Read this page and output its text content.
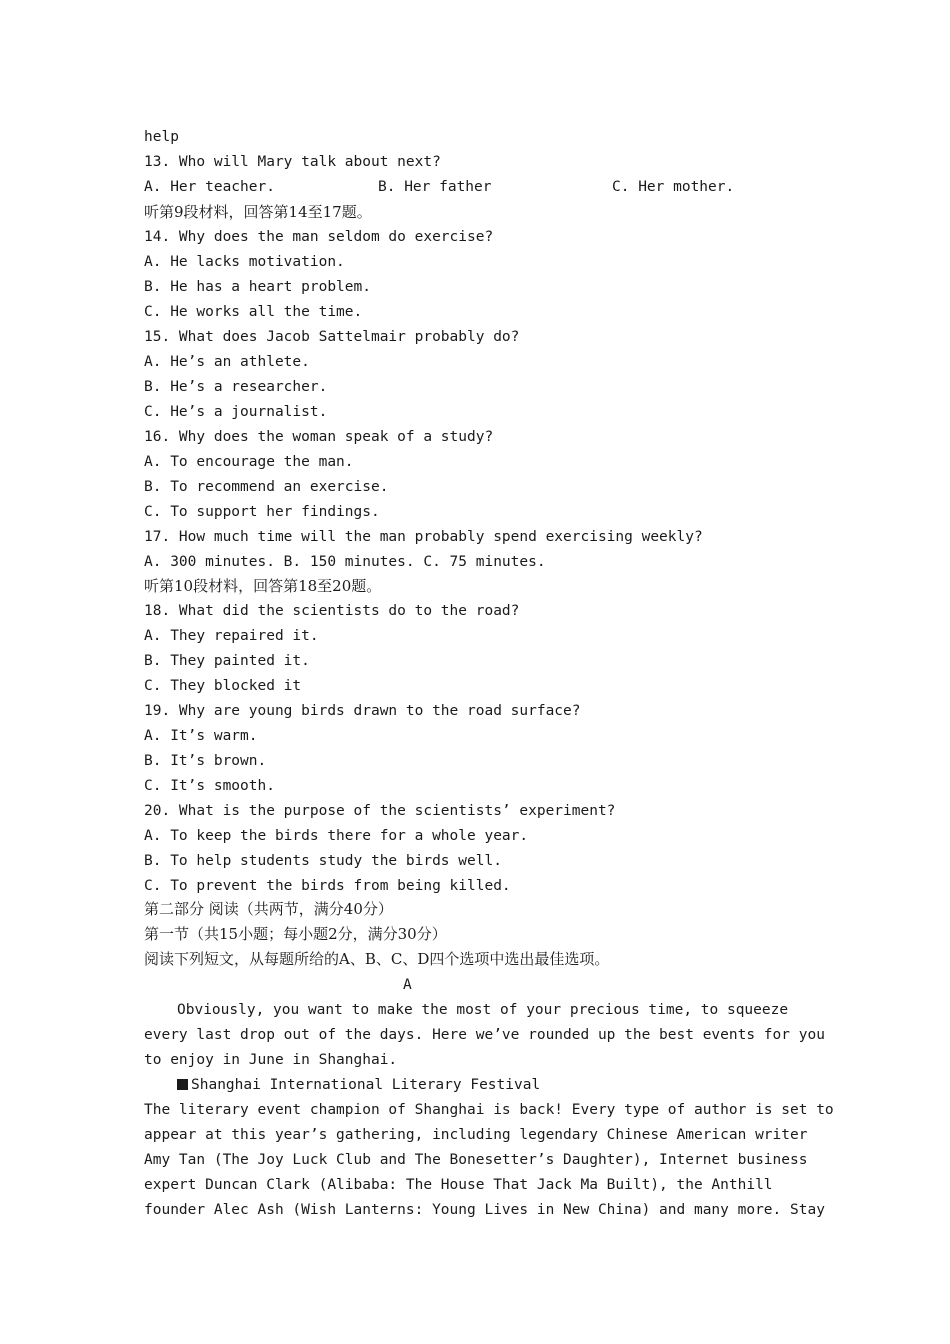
help
13. Who will Mary talk about next?
A. Her teacher.	B. Her father	C. Her mother.
听第9段材料，回答第14至17题。
14. Why does the man seldom do exercise?
A. He lacks motivation.
B. He has a heart problem.
C. He works all the time.
15. What does Jacob Sattelmair probably do?
A. He’s an athlete.
B. He’s a researcher.
C. He’s a journalist.
16. Why does the woman speak of a study?
A. To encourage the man.
B. To recommend an exercise.
C. To support her findings.
17. How much time will the man probably spend exercising weekly?
A. 300 minutes. B. 150 minutes. C. 75 minutes.
听第10段材料，回答第18至20题。
18. What did the scientists do to the road?
A. They repaired it.
B. They painted it.
C. They blocked it
19. Why are young birds drawn to the road surface?
A. It’s warm.
B. It’s brown.
C. It’s smooth.
20. What is the purpose of the scientists’ experiment?
A. To keep the birds there for a whole year.
B. To help students study the birds well.
C. To prevent the birds from being killed.
第二部分 阅读（共两节，满分40分）
第一节（共15小题；每小题2分，满分30分）
阅读下列短文，从每题所给的A、B、C、D四个选项中选出最佳选项。
A
Obviously, you want to make the most of your precious time, to squeeze
every last drop out of the days. Here we’ve rounded up the best events for you
to enjoy in June in Shanghai.
Shanghai International Literary Festival
The literary event champion of Shanghai is back! Every type of author is set to
appear at this year’s gathering, including legendary Chinese American writer
Amy Tan (The Joy Luck Club and The Bonesetter’s Daughter), Internet business
expert Duncan Clark (Alibaba: The House That Jack Ma Built), the Anthill
founder Alec Ash (Wish Lanterns: Young Lives in New China) and many more. Stay
